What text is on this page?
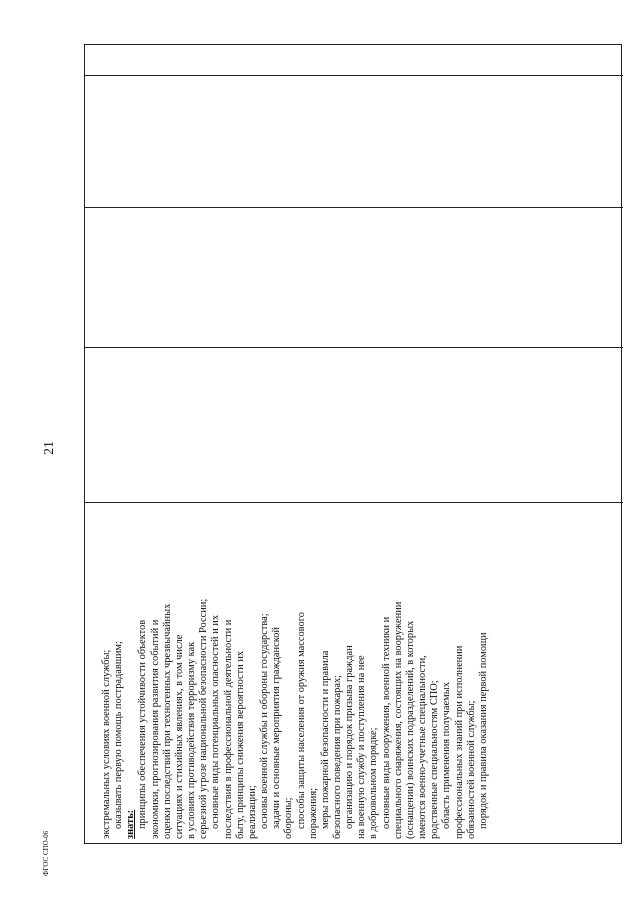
21

экстремальных условиях военной службы; оказывать первую помощь пострадавшим; знать: принципы обеспечения устойчивости объектов экономики, прогнозирования развития событий и оценки последствий при техногенных чрезвычайных ситуациях и стихийных явлениях, в том числе в условиях противодействия терроризму как серьезной угрозе национальной безопасности России; основные виды потенциальных опасностей и их последствия в профессиональной деятельности и быту, принципы снижения вероятности их реализации; основы военной службы и обороны государства; задачи и основные мероприятия гражданской обороны; способы защиты населения от оружия массового поражения; меры пожарной безопасности и правила безопасного поведения при пожарах; организацию и порядок призыва граждан на военную службу и поступления на нее в добровольном порядке; основные виды вооружения, военной техники и специального снаряжения, состоящих на вооружении (оснащении) воинских подразделений, в которых имеются военно-учетные специальности, родственные специальностям СПО; область применения получаемых профессиональных знаний при исполнении обязанностей военной службы; порядок и правила оказания первой помощи

ФГОС СПО-06
